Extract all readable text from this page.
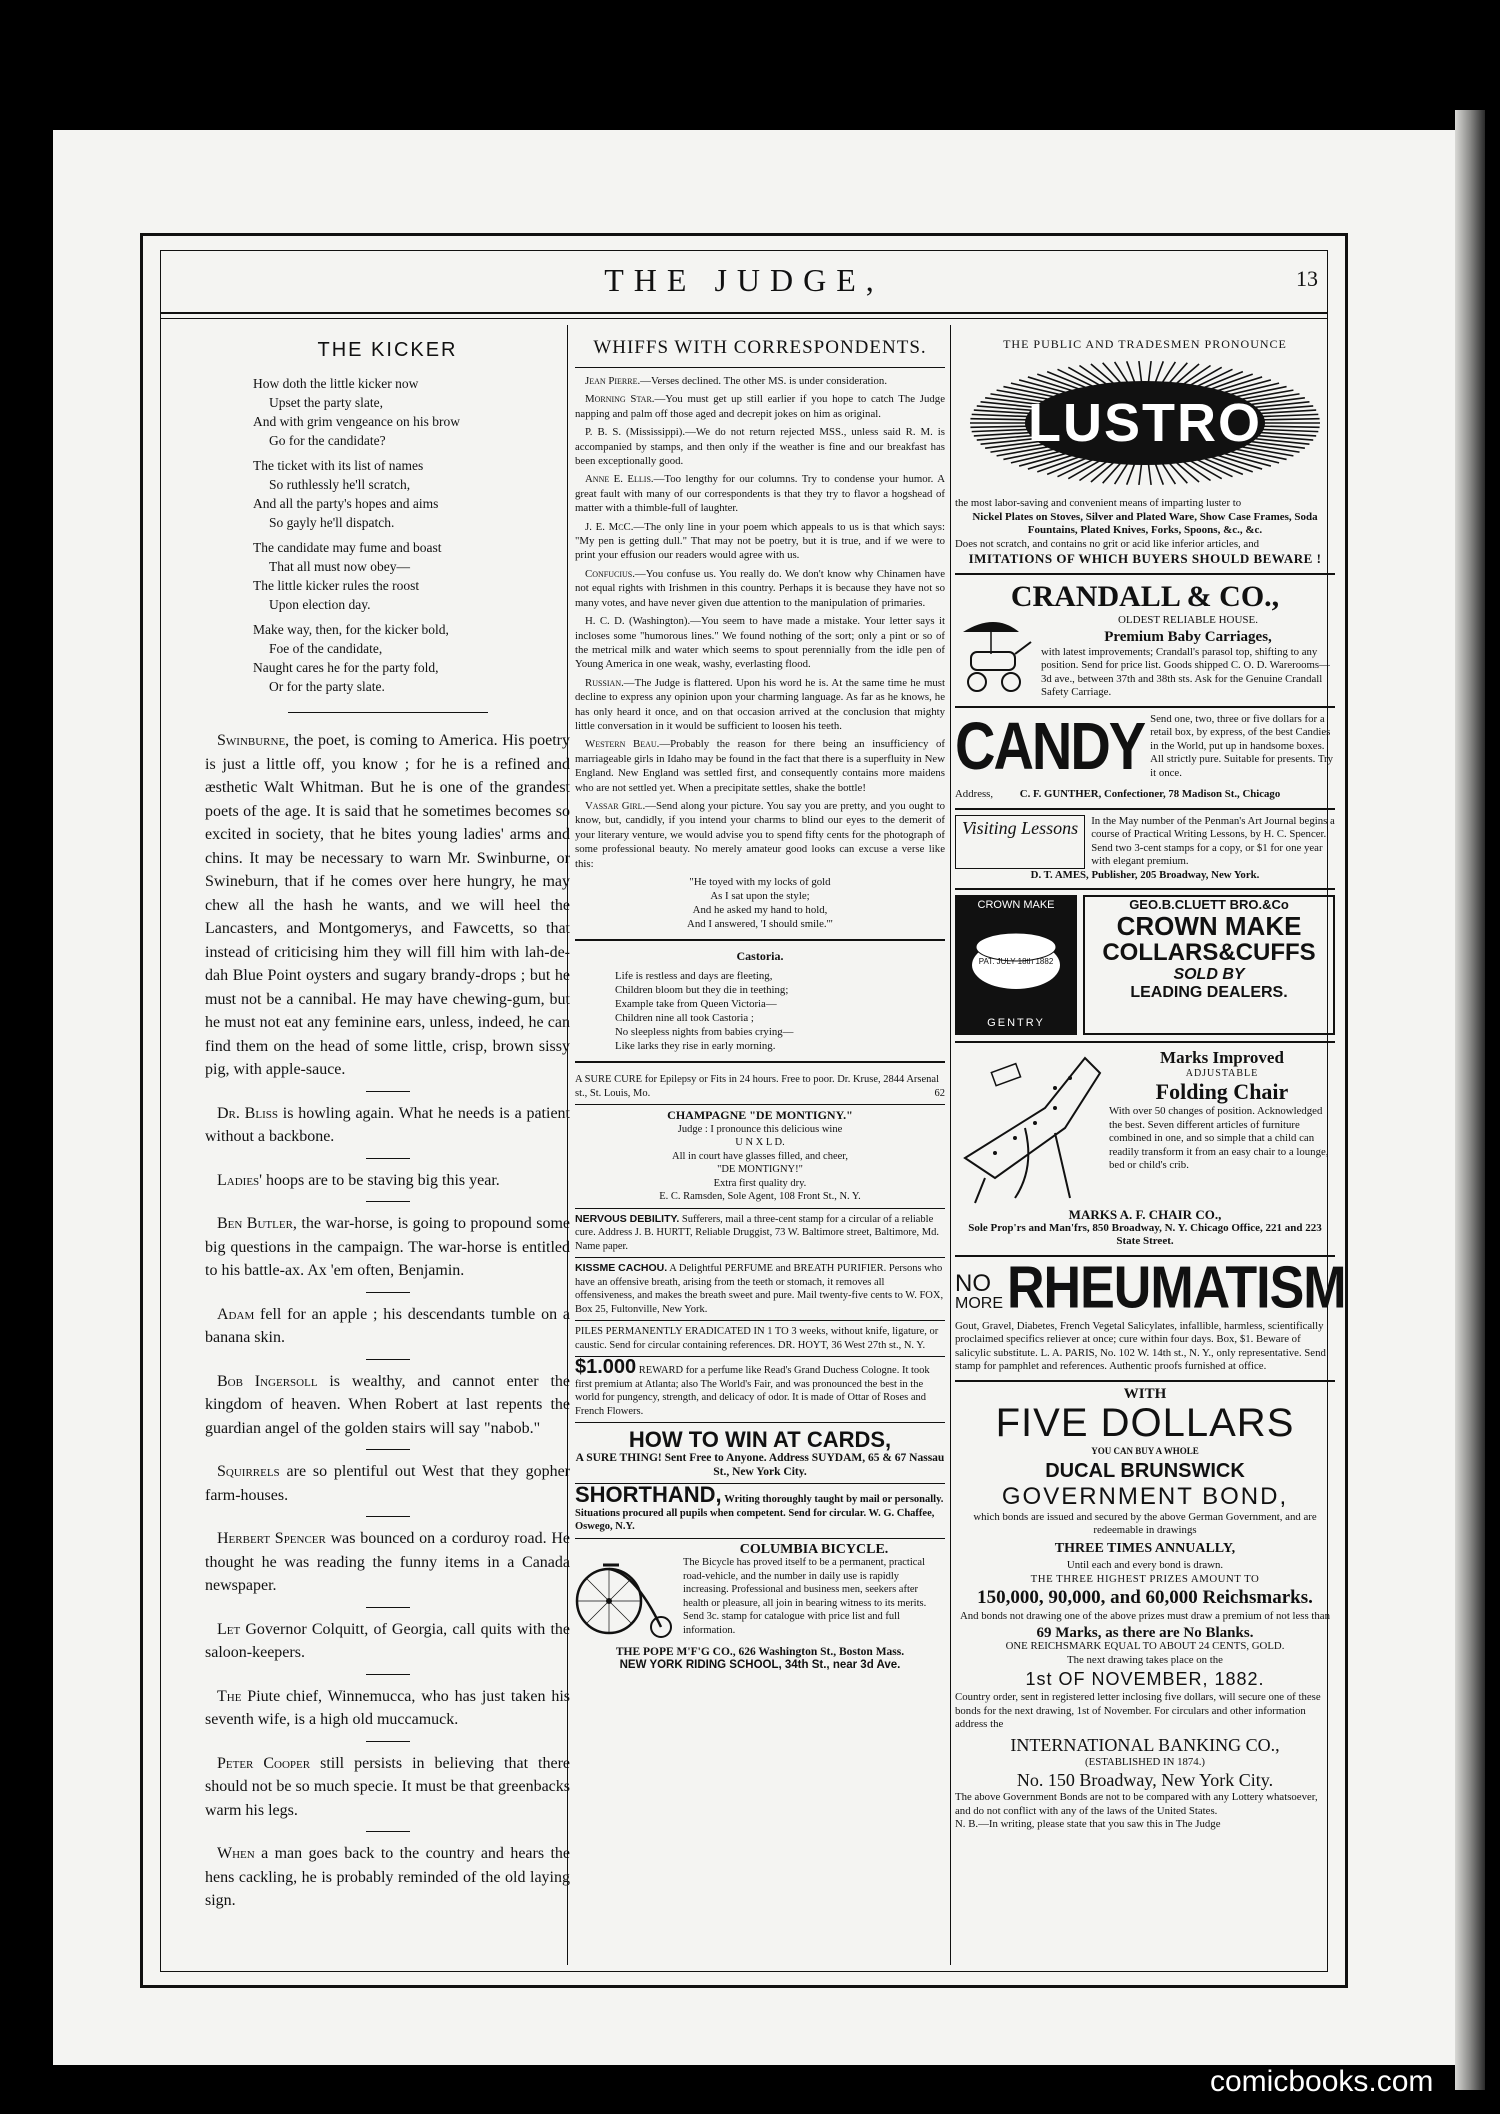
THE JUDGE,	13
THE KICKER
How doth the little kicker now
Upset the party slate,
And with grim vengeance on his brow
Go for the candidate?
The ticket with its list of names
So ruthlessly he'll scratch,
And all the party's hopes and aims
So gayly he'll dispatch.
The candidate may fume and boast
That all must now obey—
The little kicker rules the roost
Upon election day.
Make way, then, for the kicker bold,
Foe of the candidate,
Naught cares he for the party fold,
Or for the party slate.

Swinburne, the poet, is coming to America. His poetry is just a little off, you know ; for he is a refined and æsthetic Walt Whitman. But he is one of the grandest poets of the age. It is said that he sometimes becomes so excited in society, that he bites young ladies' arms and chins. It may be necessary to warn Mr. Swinburne, or Swineburn, that if he comes over here hungry, he may chew all the hash he wants, and we will heel the Lancasters, and Montgomerys, and Fawcetts, so that instead of criticising him they will fill him with lah-de-dah Blue Point oysters and sugary brandy-drops ; but he must not be a cannibal. He may have chewing-gum, but he must not eat any feminine ears, unless, indeed, he can find them on the head of some little, crisp, brown sissy pig, with apple-sauce.

Dr. Bliss is howling again. What he needs is a patient without a backbone.

Ladies' hoops are to be staving big this year.

Ben Butler, the war-horse, is going to propound some big questions in the campaign. The war-horse is entitled to his battle-ax. Ax 'em often, Benjamin.

Adam fell for an apple ; his descendants tumble on a banana skin.

Bob Ingersoll is wealthy, and cannot enter the kingdom of heaven. When Robert at last repents the guardian angel of the golden stairs will say "nabob."

Squirrels are so plentiful out West that they gopher farm-houses.

Herbert Spencer was bounced on a corduroy road. He thought he was reading the funny items in a Canada newspaper.

Let Governor Colquitt, of Georgia, call quits with the saloon-keepers.

The Piute chief, Winnemucca, who has just taken his seventh wife, is a high old muccamuck.

Peter Cooper still persists in believing that there should not be so much specie. It must be that greenbacks warm his legs.

When a man goes back to the country and hears the hens cackling, he is probably reminded of the old laying sign.

WHIFFS WITH CORRESPONDENTS.

Jean Pierre.—Verses declined. The other MS. is under consideration.

Morning Star.—You must get up still earlier if you hope to catch The Judge napping and palm off those aged and decrepit jokes on him as original.

P. B. S. (Mississippi).—We do not return rejected MSS., unless said R. M. is accompanied by stamps, and then only if the weather is fine and our breakfast has been exceptionally good.

Anne E. Ellis.—Too lengthy for our columns. Try to condense your humor. A great fault with many of our correspondents is that they try to flavor a hogshead of matter with a thimble-full of laughter.

J. E. McC.—The only line in your poem which appeals to us is that which says: "My pen is getting dull." That may not be poetry, but it is true, and if we were to print your effusion our readers would agree with us.

Confucius.—You confuse us. You really do. We don't know why Chinamen have not equal rights with Irishmen in this country. Perhaps it is because they have not so many votes, and have never given due attention to the manipulation of primaries.

H. C. D. (Washington).—You seem to have made a mistake. Your letter says it incloses some "humorous lines." We found nothing of the sort; only a pint or so of the metrical milk and water which seems to spout perennially from the idle pen of Young America in one weak, washy, everlasting flood.

Russian.—The Judge is flattered. Upon his word he is. At the same time he must decline to express any opinion upon your charming language. As far as he knows, he has only heard it once, and on that occasion arrived at the conclusion that mighty little conversation in it would be sufficient to loosen his teeth.

Western Beau.—Probably the reason for there being an insufficiency of marriageable girls in Idaho may be found in the fact that there is a superfluity in New England. New England was settled first, and consequently contains more maidens who are not settled yet. When a precipitate settles, shake the bottle!

Vassar Girl.—Send along your picture. You say you are pretty, and you ought to know, but, candidly, if you intend your charms to blind our eyes to the demerit of your literary venture, we would advise you to spend fifty cents for the photograph of some professional beauty. No merely amateur good looks can excuse a verse like this:

"He toyed with my locks of gold
As I sat upon the style;
And he asked my hand to hold,
And I answered, 'I should smile.'"
Castoria.
Life is restless and days are fleeting,
Children bloom but they die in teething;
Example take from Queen Victoria—
Children nine all took Castoria ;
No sleepless nights from babies crying—
Like larks they rise in early morning.
A SURE CURE for Epilepsy or Fits in 24 hours. Free to poor. Dr. Kruse, 2844 Arsenal st., St. Louis, Mo.	62
CHAMPAGNE "DE MONTIGNY."
Judge : I pronounce this delicious wine
U N X L D.
All in court have glasses filled, and cheer,
"DE MONTIGNY!"
Extra first quality dry.
E. C. Ramsden, Sole Agent, 108 Front St., N. Y.
NERVOUS DEBILITY. Sufferers, mail a three-cent stamp for a circular of a reliable cure. Address J. B. HURTT, Reliable Druggist, 73 W. Baltimore street, Baltimore, Md. Name paper.
KISSME CACHOU. A Delightful PERFUME and BREATH PURIFIER. Persons who have an offensive breath, arising from the teeth or stomach, it removes all offensiveness, and makes the breath sweet and pure. Mail twenty-five cents to W. FOX, Box 25, Fultonville, New York.
PILES PERMANENTLY ERADICATED IN 1 TO 3 weeks, without knife, ligature, or caustic. Send for circular containing references. DR. HOYT, 36 West 27th st., N. Y.
$1.000 REWARD for a perfume like Read's Grand Duchess Cologne. It took first premium at Atlanta; also The World's Fair, and was pronounced the best in the world for pungency, strength, and delicacy of odor. It is made of Ottar of Roses and French Flowers.
HOW TO WIN AT CARDS,
A SURE THING! Sent Free to Anyone. Address SUYDAM, 65 & 67 Nassau St., New York City.
SHORTHAND, Writing thoroughly taught by mail or personally. Situations procured all pupils when competent. Send for circular. W. G. Chaffee, Oswego, N.Y.
COLUMBIA BICYCLE.
The Bicycle has proved itself to be a permanent, practical road-vehicle, and the number in daily use is rapidly increasing. Professional and business men, seekers after health or pleasure, all join in bearing witness to its merits. Send 3c. stamp for catalogue with price list and full information.
THE POPE M'F'G CO., 626 Washington St., Boston Mass.
NEW YORK RIDING SCHOOL, 34th St., near 3d Ave.
THE PUBLIC AND TRADESMEN PRONOUNCE
LUSTRO
the most labor-saving and convenient means of imparting luster to
Nickel Plates on Stoves, Silver and Plated Ware, Show Case Frames, Soda Fountains, Plated Knives, Forks, Spoons, &c., &c.
Does not scratch, and contains no grit or acid like inferior articles, and
IMITATIONS OF WHICH BUYERS SHOULD BEWARE !
CRANDALL & CO.,
OLDEST RELIABLE HOUSE.
Premium Baby Carriages,
with latest improvements; Crandall's parasol top, shifting to any position. Send for price list. Goods shipped C. O. D. Warerooms—3d ave., between 37th and 38th sts. Ask for the Genuine Crandall Safety Carriage.
CANDY Send one, two, three or five dollars for a retail box, by express, of the best Candies in the World, put up in handsome boxes. All strictly pure. Suitable for presents. Try it once.
Address, C. F. GUNTHER, Confectioner, 78 Madison St., Chicago
Visiting Lessons	In the May number of the Penman's Art Journal begins a course of Practical Writing Lessons, by H. C. Spencer. Send two 3-cent stamps for a copy, or $1 for one year with elegant premium.
D. T. AMES, Publisher, 205 Broadway, New York.
CROWN MAKE
PAT. JULY 18th 1882
GENTRY
GEO.B.CLUETT BRO.&Co
CROWN MAKE
COLLARS&CUFFS
SOLD BY
LEADING DEALERS.
Marks Improved
ADJUSTABLE
Folding Chair
With over 50 changes of position. Acknowledged the best. Seven different articles of furniture combined in one, and so simple that a child can readily transform it from an easy chair to a lounge, bed or child's crib.
MARKS A. F. CHAIR CO.,
Sole Prop'rs and Man'frs, 850 Broadway, N. Y. Chicago Office, 221 and 223 State Street.
NO
MORE RHEUMATISM
Gout, Gravel, Diabetes, French Vegetal Salicylates, infallible, harmless, scientifically proclaimed specifics reliever at once; cure within four days. Box, $1. Beware of salicylic substitute. L. A. PARIS, No. 102 W. 14th st., N. Y., only representative. Send stamp for pamphlet and references. Authentic proofs furnished at office.
WITH
FIVE DOLLARS
YOU CAN BUY A WHOLE
DUCAL BRUNSWICK
GOVERNMENT BOND,
which bonds are issued and secured by the above German Government, and are redeemable in drawings
THREE TIMES ANNUALLY,
Until each and every bond is drawn.
THE THREE HIGHEST PRIZES AMOUNT TO
150,000, 90,000, and 60,000 Reichsmarks.
And bonds not drawing one of the above prizes must draw a premium of not less than
69 Marks, as there are No Blanks.
ONE REICHSMARK EQUAL TO ABOUT 24 CENTS, GOLD.
The next drawing takes place on the
1st OF NOVEMBER, 1882.
Country order, sent in registered letter inclosing five dollars, will secure one of these bonds for the next drawing, 1st of November. For circulars and other information address the
INTERNATIONAL BANKING CO.,
(ESTABLISHED IN 1874.)
No. 150 Broadway, New York City.
The above Government Bonds are not to be compared with any Lottery whatsoever, and do not conflict with any of the laws of the United States.
N. B.—In writing, please state that you saw this in The Judge
comicbooks.com
